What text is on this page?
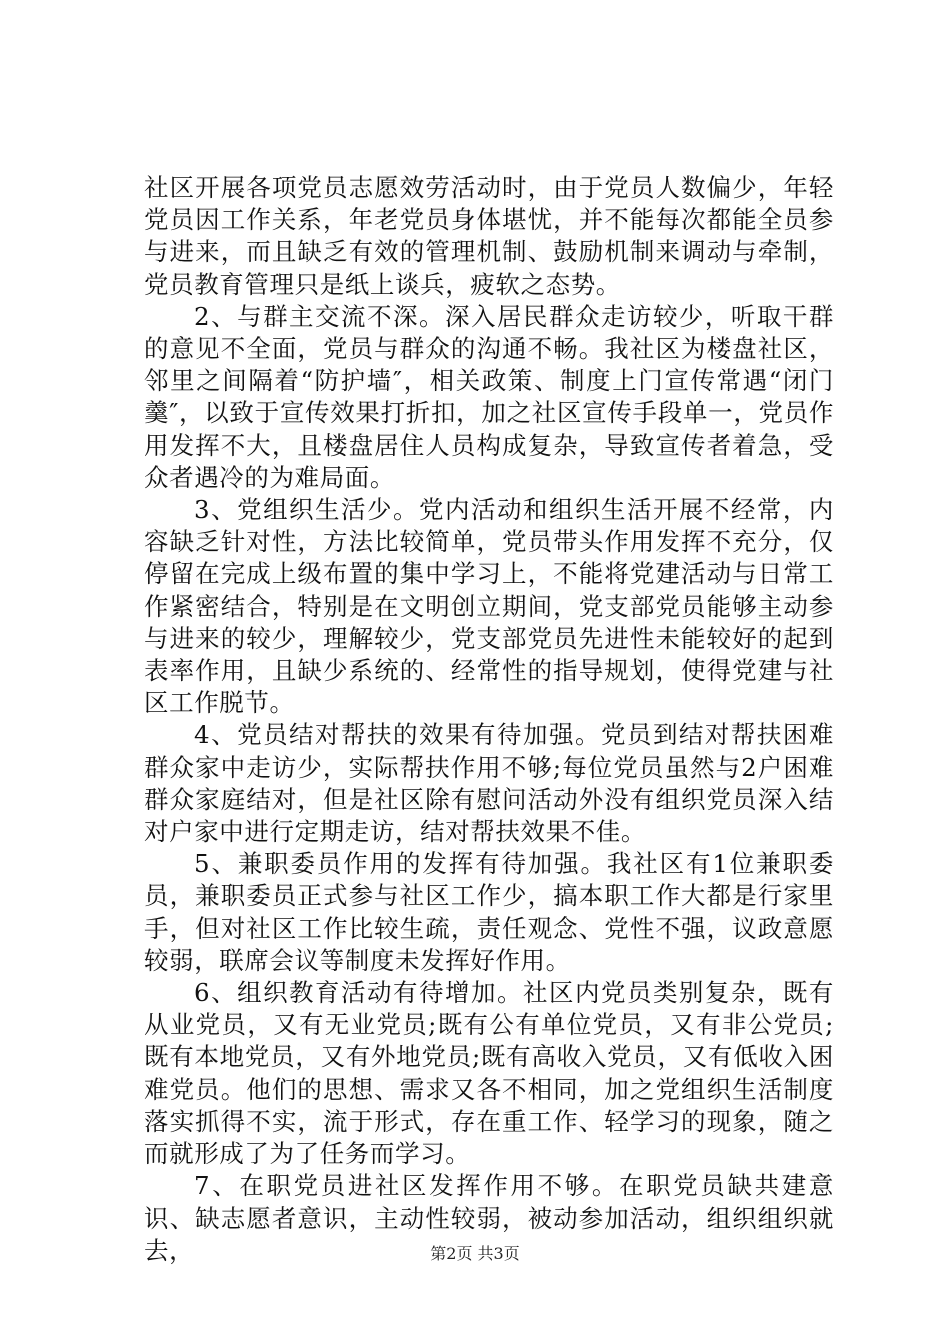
社区开展各项党员志愿效劳活动时，由于党员人数偏少，年轻党员因工作关系，年老党员身体堪忧，并不能每次都能全员参与进来，而且缺乏有效的管理机制、鼓励机制来调动与牵制，党员教育管理只是纸上谈兵，疲软之态势。

2、与群主交流不深。深入居民群众走访较少，听取干群的意见不全面，党员与群众的沟通不畅。我社区为楼盘社区，邻里之间隔着“防护墙″，相关政策、制度上门宣传常遇“闭门羹″，以致于宣传效果打折扣，加之社区宣传手段单一，党员作用发挥不大，且楼盘居住人员构成复杂，导致宣传者着急，受众者遇冷的为难局面。

3、党组织生活少。党内活动和组织生活开展不经常，内容缺乏针对性，方法比较简单，党员带头作用发挥不充分，仅停留在完成上级布置的集中学习上，不能将党建活动与日常工作紧密结合，特别是在文明创立期间，党支部党员能够主动参与进来的较少，理解较少，党支部党员先进性未能较好的起到表率作用，且缺少系统的、经常性的指导规划，使得党建与社区工作脱节。

4、党员结对帮扶的效果有待加强。党员到结对帮扶困难群众家中走访少，实际帮扶作用不够;每位党员虽然与2户困难群众家庭结对，但是社区除有慰问活动外没有组织党员深入结对户家中进行定期走访，结对帮扶效果不佳。

5、兼职委员作用的发挥有待加强。我社区有1位兼职委员，兼职委员正式参与社区工作少，搞本职工作大都是行家里手，但对社区工作比较生疏，责任观念、党性不强，议政意愿较弱，联席会议等制度未发挥好作用。

6、组织教育活动有待增加。社区内党员类别复杂，既有从业党员，又有无业党员;既有公有单位党员，又有非公党员;既有本地党员，又有外地党员;既有高收入党员，又有低收入困难党员。他们的思想、需求又各不相同，加之党组织生活制度落实抓得不实，流于形式，存在重工作、轻学习的现象，随之而就形成了为了任务而学习。

7、在职党员进社区发挥作用不够。在职党员缺共建意识、缺志愿者意识，主动性较弱，被动参加活动，组织组织就去，	第2页 共3页
